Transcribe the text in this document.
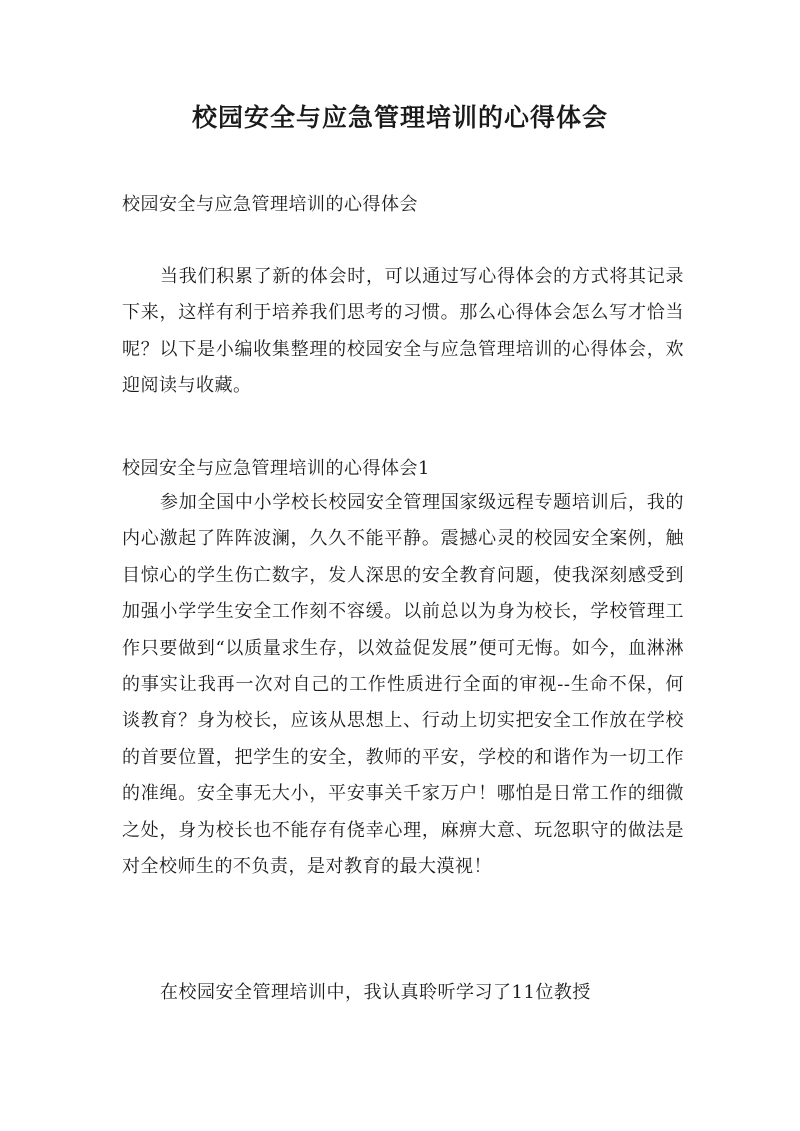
校园安全与应急管理培训的心得体会

校园安全与应急管理培训的心得体会

当我们积累了新的体会时，可以通过写心得体会的方式将其记录下来，这样有利于培养我们思考的习惯。那么心得体会怎么写才恰当呢？以下是小编收集整理的校园安全与应急管理培训的心得体会，欢迎阅读与收藏。

校园安全与应急管理培训的心得体会1

参加全国中小学校长校园安全管理国家级远程专题培训后，我的内心激起了阵阵波澜，久久不能平静。震撼心灵的校园安全案例，触目惊心的学生伤亡数字，发人深思的安全教育问题，使我深刻感受到加强小学学生安全工作刻不容缓。以前总以为身为校长，学校管理工作只要做到“以质量求生存，以效益促发展”便可无悔。如今，血淋淋的事实让我再一次对自己的工作性质进行全面的审视--生命不保，何谈教育？身为校长，应该从思想上、行动上切实把安全工作放在学校的首要位置，把学生的安全，教师的平安，学校的和谐作为一切工作的准绳。安全事无大小，平安事关千家万户！哪怕是日常工作的细微之处，身为校长也不能存有侥幸心理，麻痹大意、玩忽职守的做法是对全校师生的不负责，是对教育的最大漠视！

在校园安全管理培训中，我认真聆听学习了11位教授
